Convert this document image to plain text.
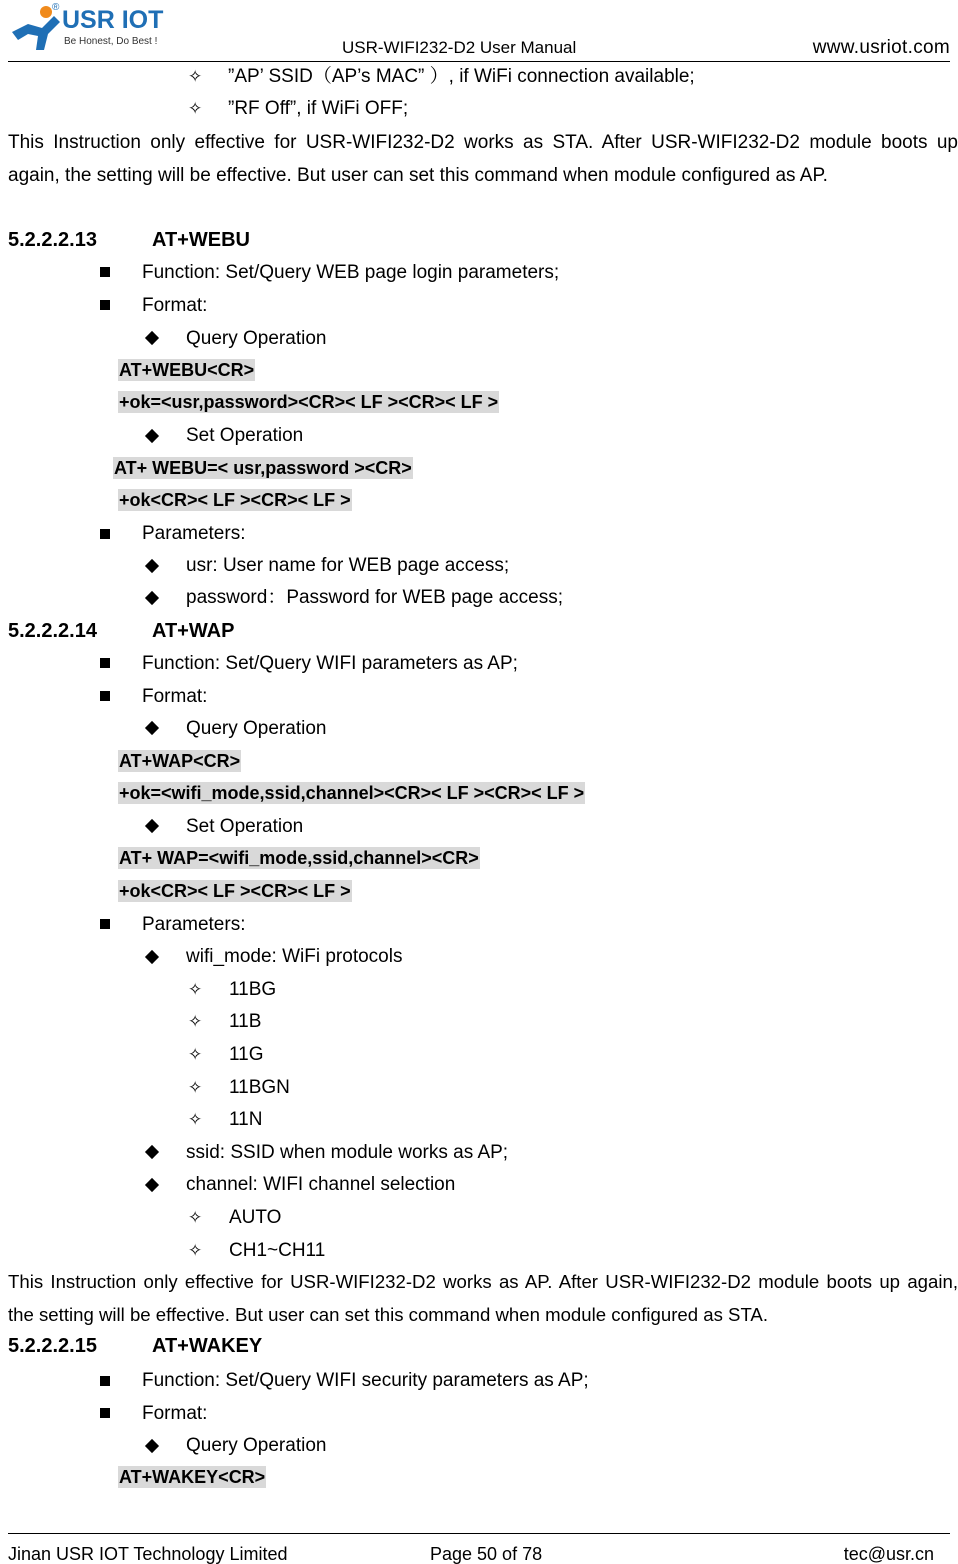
® USR IOT
Be Honest, Do Best !	USR-WIFI232-D2 User Manual	www.usriot.com
✧ ”AP’ SSID（AP’s MAC” ）, if WiFi connection available;
✧ ”RF Off”, if WiFi OFF;
This Instruction only effective for USR-WIFI232-D2 works as STA. After USR-WIFI232-D2 module boots up again, the setting will be effective. But user can set this command when module configured as AP.
5.2.2.2.13	AT+WEBU
Function: Set/Query WEB page login parameters;
Format:
Query Operation
AT+WEBU<CR>
+ok=<usr,password><CR>< LF ><CR>< LF >
Set Operation
AT+ WEBU=< usr,password ><CR>
+ok<CR>< LF ><CR>< LF >
Parameters:
usr: User name for WEB page access;
password：Password for WEB page access;
5.2.2.2.14	AT+WAP
Function: Set/Query WIFI parameters as AP;
Format:
Query Operation
AT+WAP<CR>
+ok=<wifi_mode,ssid,channel><CR>< LF ><CR>< LF >
Set Operation
AT+ WAP=<wifi_mode,ssid,channel><CR>
+ok<CR>< LF ><CR>< LF >
Parameters:
wifi_mode: WiFi protocols
✧ 11BG
✧ 11B
✧ 11G
✧ 11BGN
✧ 11N
ssid: SSID when module works as AP;
channel: WIFI channel selection
✧ AUTO
✧ CH1~CH11
This Instruction only effective for USR-WIFI232-D2 works as AP. After USR-WIFI232-D2 module boots up again, the setting will be effective. But user can set this command when module configured as STA.
5.2.2.2.15	AT+WAKEY
Function: Set/Query WIFI security parameters as AP;
Format:
Query Operation
AT+WAKEY<CR>
Jinan USR IOT Technology Limited	Page 50 of 78	tec@usr.cn
